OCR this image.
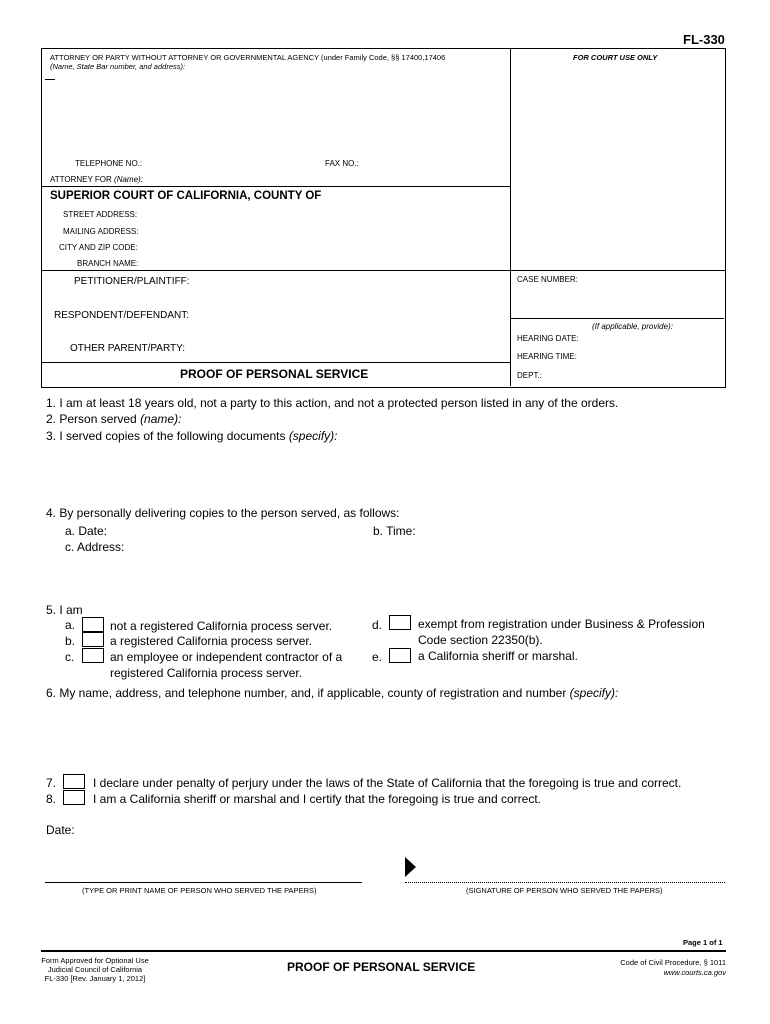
FL-330
ATTORNEY OR PARTY WITHOUT ATTORNEY OR GOVERNMENTAL AGENCY (under Family Code, §§ 17400,17406
(Name, State Bar number, and address):
TELEPHONE NO.:	FAX NO.:
ATTORNEY FOR (Name):
FOR COURT USE ONLY
SUPERIOR COURT OF CALIFORNIA, COUNTY OF
STREET ADDRESS:
MAILING ADDRESS:
CITY AND ZIP CODE:
BRANCH NAME:
PETITIONER/PLAINTIFF:
RESPONDENT/DEFENDANT:
OTHER PARENT/PARTY:
PROOF OF PERSONAL SERVICE
CASE NUMBER:
(If applicable, provide):
HEARING DATE:
HEARING TIME:
DEPT.:
1. I am at least 18 years old, not a party to this action, and not a protected person listed in any of the orders.
2. Person served (name):
3. I served copies of the following documents (specify):
4. By personally delivering copies to the person served, as follows:
a. Date:	b. Time:
c. Address:
5. I am
a.	not a registered California process server.
b.	a registered California process server.
c.	an employee or independent contractor of a
registered California process server.
d.	exempt from registration under Business & Profession
Code section 22350(b).
e.	a California sheriff or marshal.
6. My name, address, and telephone number, and, if applicable, county of registration and number (specify):
7.	I declare under penalty of perjury under the laws of the State of California that the foregoing is true and correct.
8.	I am a California sheriff or marshal and I certify that the foregoing is true and correct.
Date:
(TYPE OR PRINT NAME OF PERSON WHO SERVED THE PAPERS)	(SIGNATURE OF PERSON WHO SERVED THE PAPERS)
Page 1 of 1
Form Approved for Optional Use
Judicial Council of California
FL-330 [Rev. January 1, 2012]
PROOF OF PERSONAL SERVICE	Code of Civil Procedure, § 1011
www.courts.ca.gov
